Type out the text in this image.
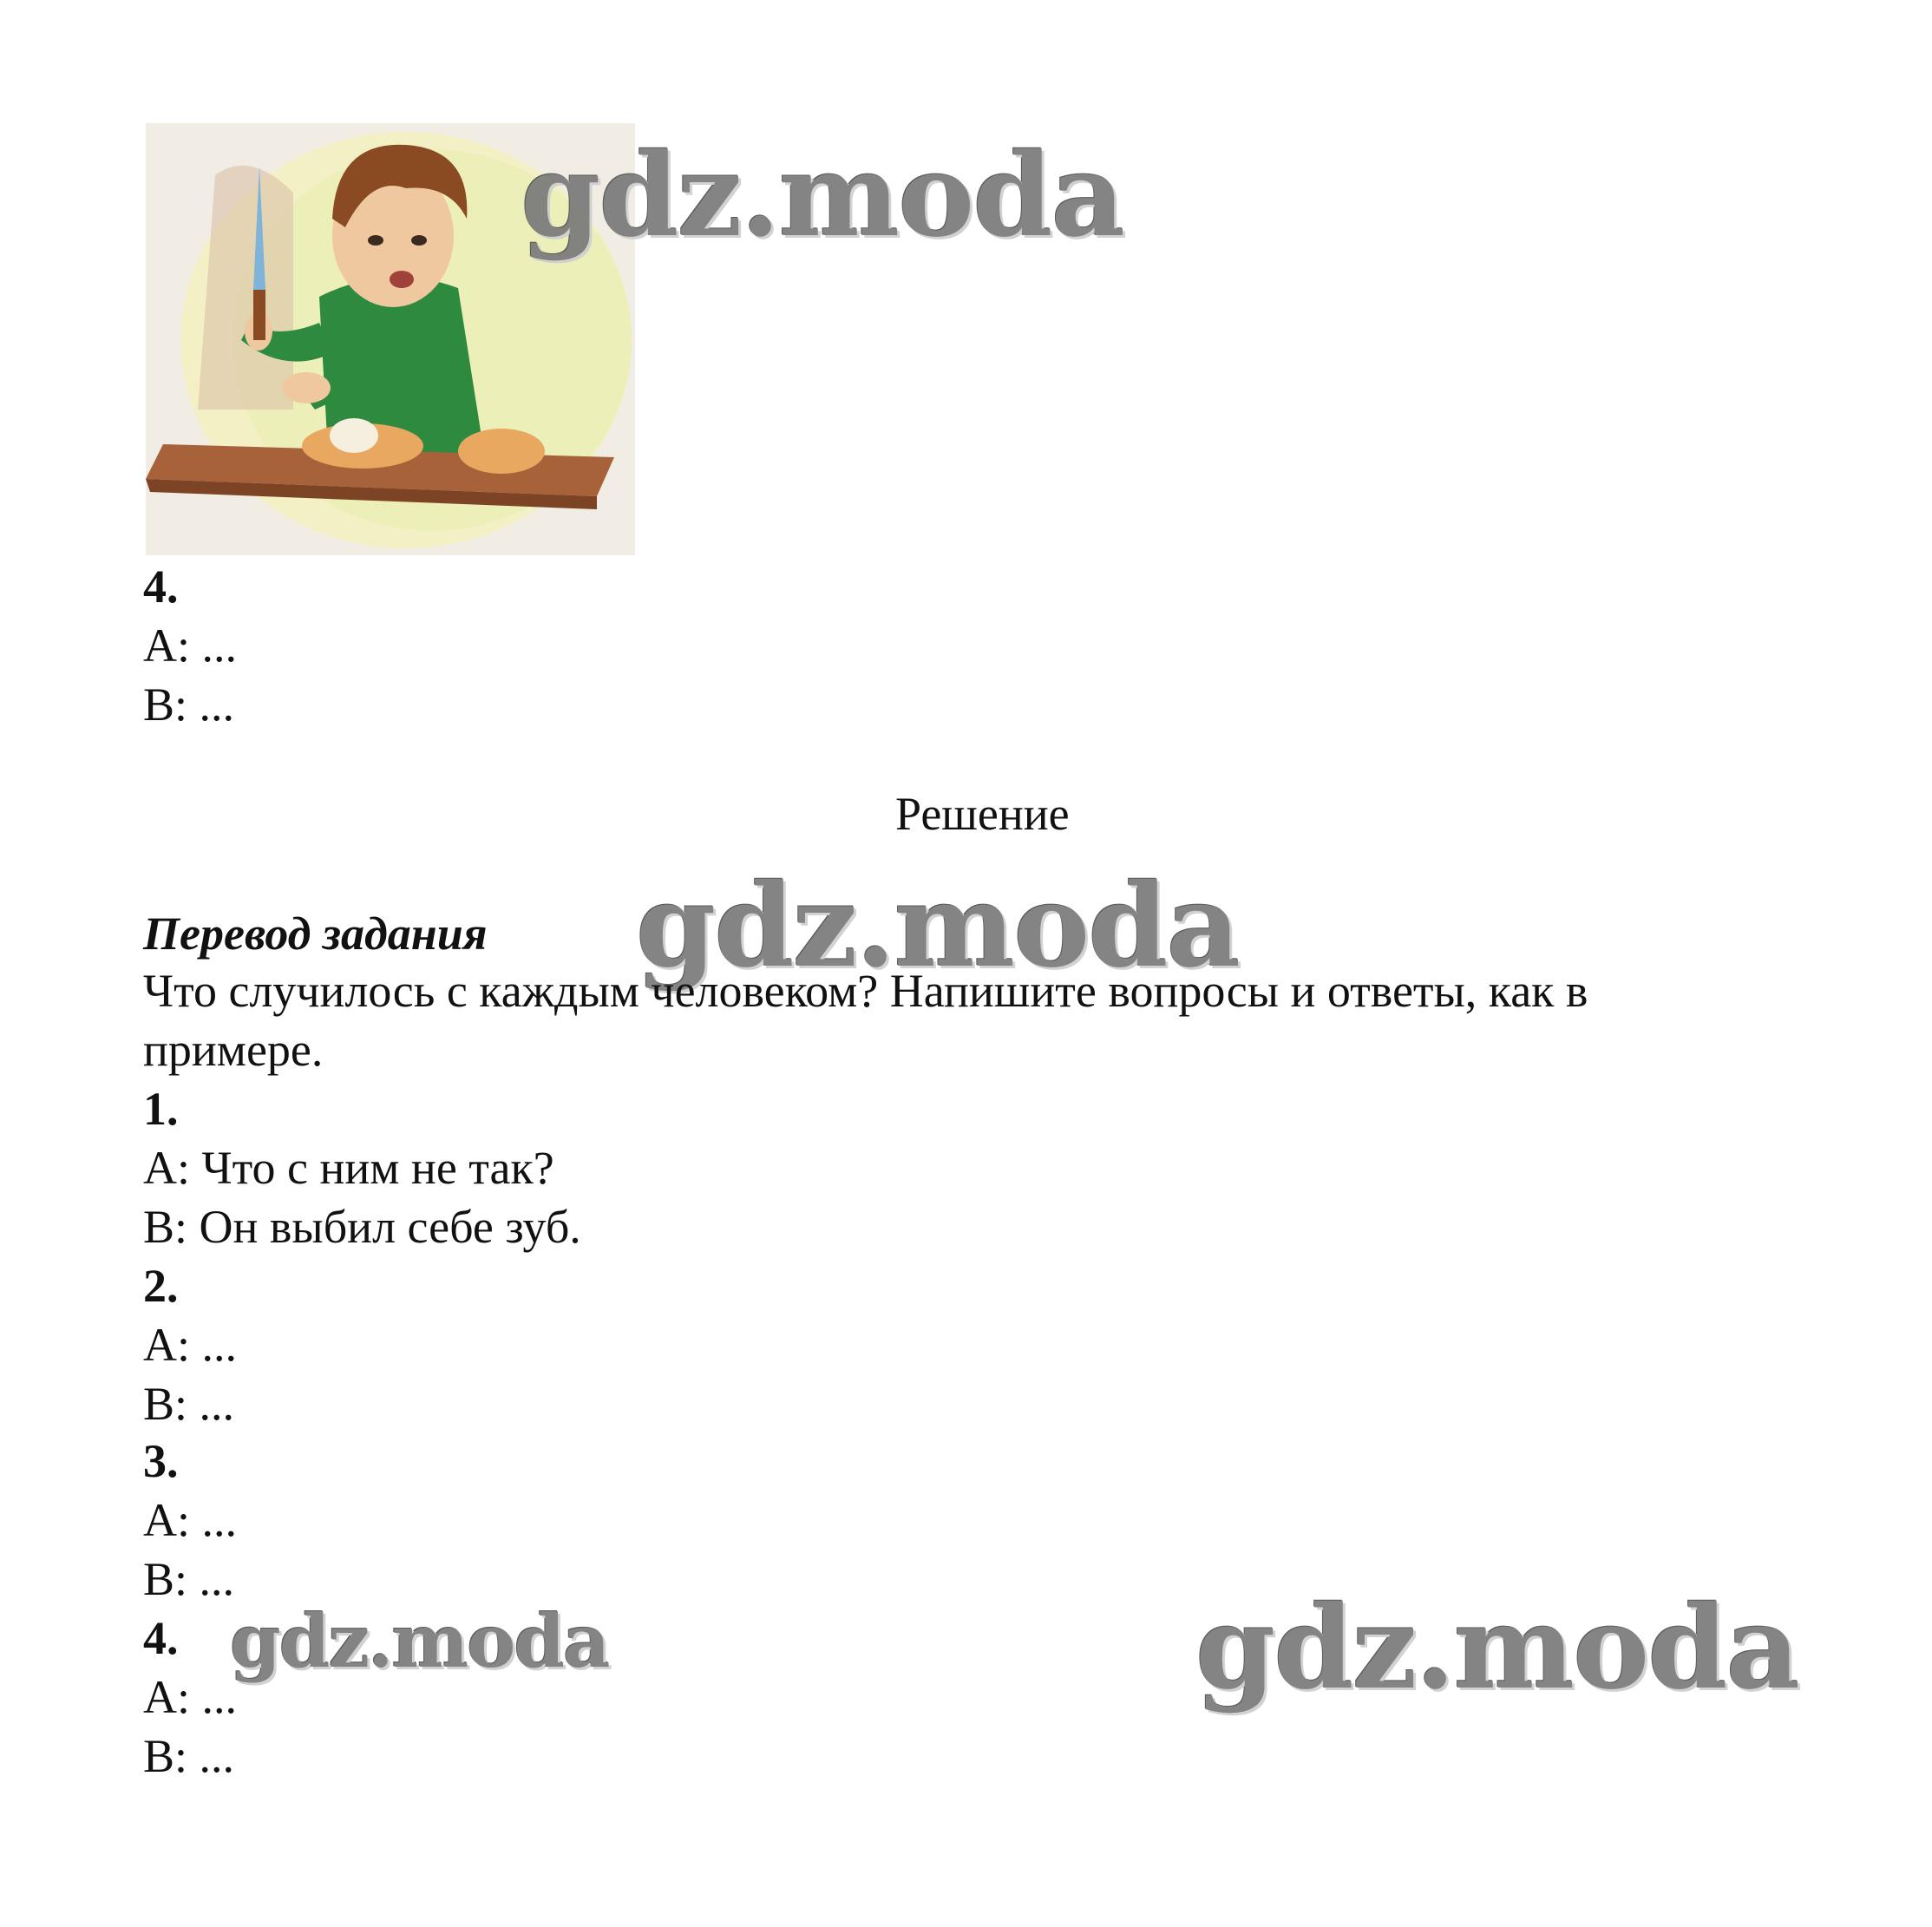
gdz.moda
gdz.moda
gdz.moda	gdz.moda
4.
A: ...
B: ...
Решение
Перевод задания
Что случилось с каждым человеком? Напишите вопросы и ответы, как в
примере.
1.
A: Что с ним не так?
B: Он выбил себе зуб.
2.
A: ...
B: ...
3.
A: ...
B: ...
4.
A: ...
B: ...
